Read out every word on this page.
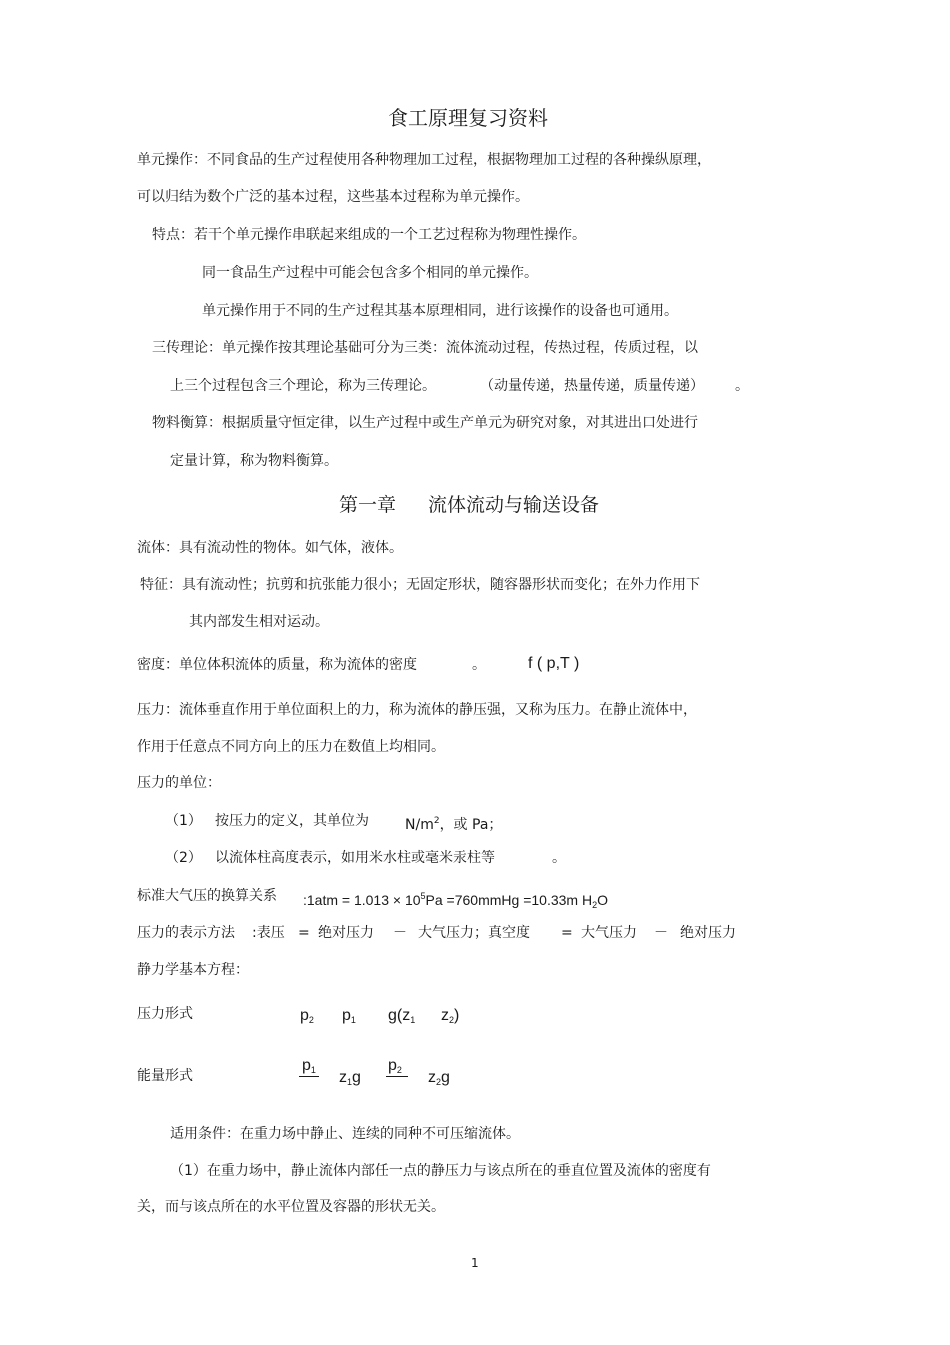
食工原理复习资料
单元操作：不同食品的生产过程使用各种物理加工过程，根据物理加工过程的各种操纵原理，
可以归结为数个广泛的基本过程，这些基本过程称为单元操作。
特点：若干个单元操作串联起来组成的一个工艺过程称为物理性操作。
同一食品生产过程中可能会包含多个相同的单元操作。
单元操作用于不同的生产过程其基本原理相同，进行该操作的设备也可通用。
三传理论：单元操作按其理论基础可分为三类：流体流动过程，传热过程，传质过程，以
上三个过程包含三个理论，称为三传理论。	（动量传递，热量传递，质量传递） 。
物料衡算：根据质量守恒定律，以生产过程中或生产单元为研究对象，对其进出口处进行
定量计算，称为物料衡算。
第一章 流体流动与输送设备
流体：具有流动性的物体。如气体，液体。
特征：具有流动性；抗剪和抗张能力很小；无固定形状，随容器形状而变化；在外力作用下
其内部发生相对运动。
密度：单位体积流体的质量，称为流体的密度	。	f ( p,T )
压力：流体垂直作用于单位面积上的力，称为流体的静压强，又称为压力。在静止流体中，
作用于任意点不同方向上的压力在数值上均相同。
压力的单位：
（1） 按压力的定义，其单位为	$N/m^2$，或 Pa；
（2） 以流体柱高度表示，如用米水柱或毫米汞柱等	。
标准大气压的换算关系 :1atm = $1.013 \times 10^5Pa$ =760mmHg =10.33m $H_2O$
压力的表示方法 :表压 = 绝对压力 － 大气压力；真空度 = 大气压力 － 绝对压力
静力学基本方程：
压力形式	$p_2$ $p_1$ $g(z_1$ $z_2$)
能量形式
$p_1$ $z_1g$
$p_2$ $z_2g$
适用条件：在重力场中静止、连续的同种不可压缩流体。
（1）在重力场中，静止流体内部任一点的静压力与该点所在的垂直位置及流体的密度有
关，而与该点所在的水平位置及容器的形状无关。
1
